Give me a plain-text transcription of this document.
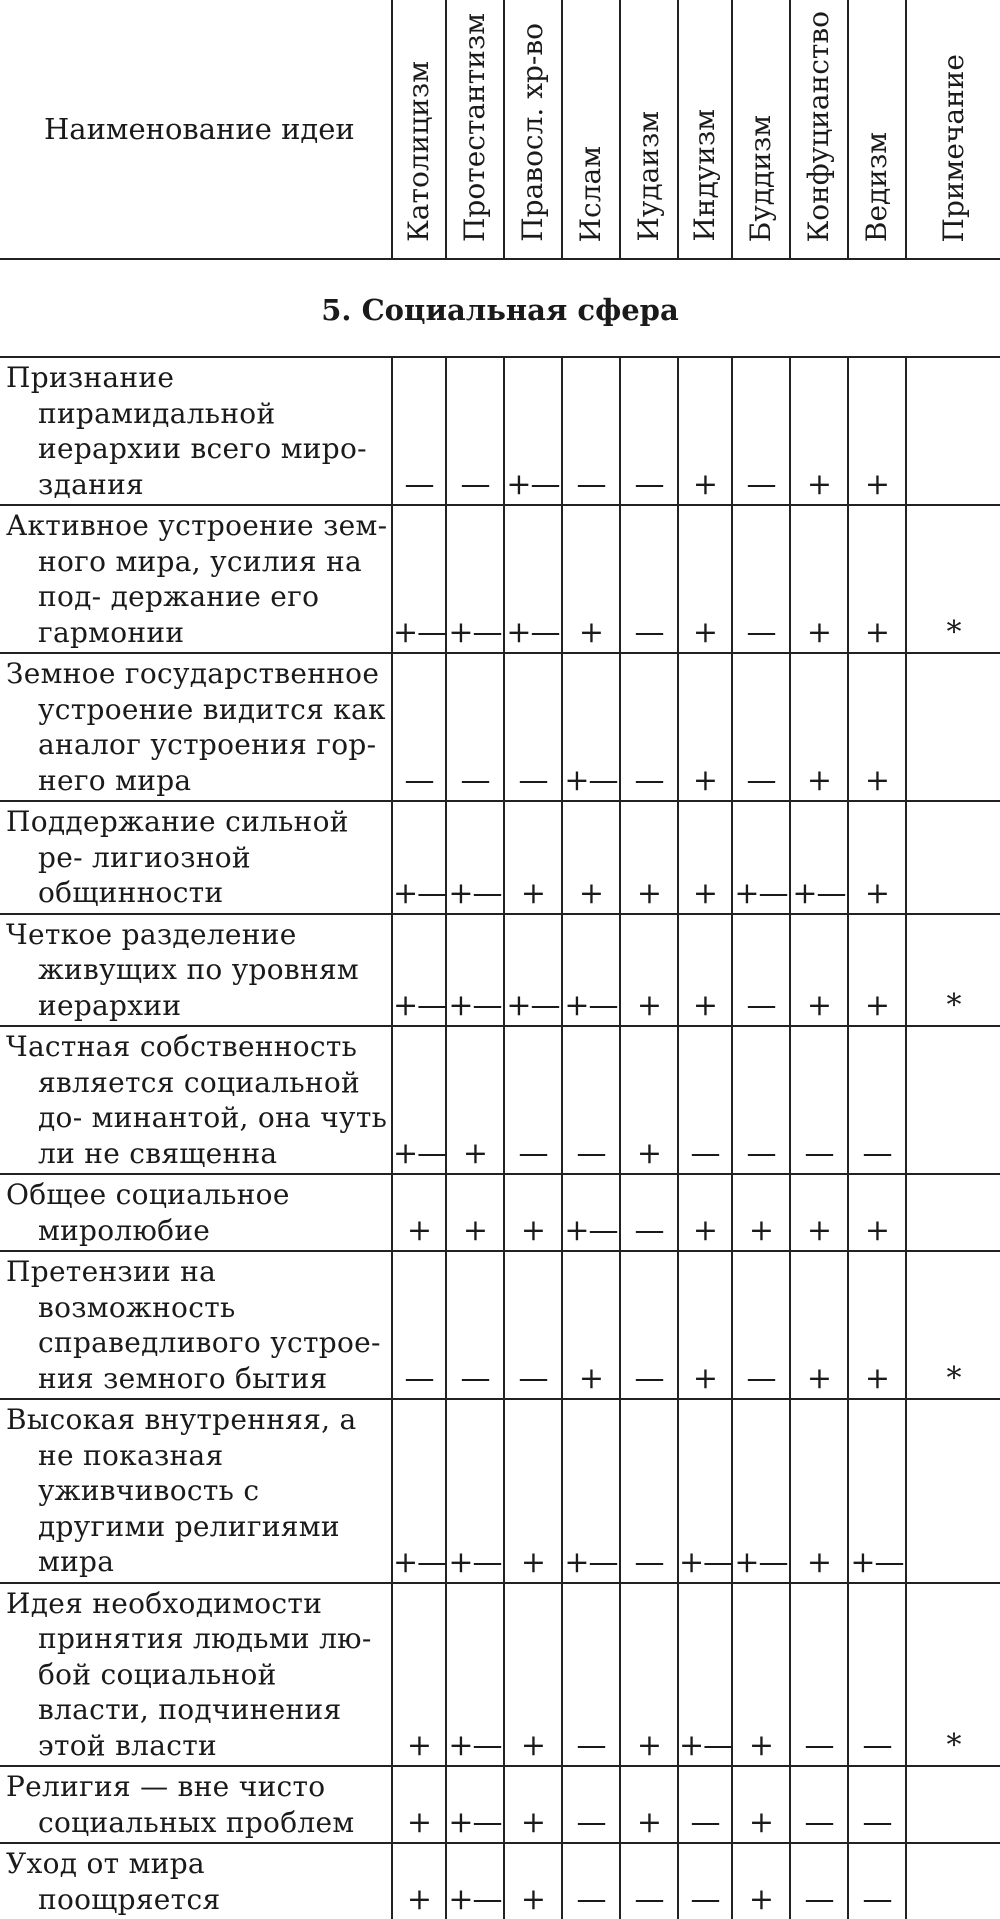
Наименование идеи	Католицизм	Протестантизм	Правосл. хр-во	Ислам	Иудаизм	Индуизм	Буддизм	Конфуцианство	Ведизм	Примечание
5. Социальная сфера										

Признание пирамидальной иерархии всего миро- здания	—	—	+—	—	—	+	—	+	+	

Активное устроение зем- ного мира, усилия на под- держание его гармонии	+—	+—	+—	+	—	+	—	+	+	*

Земное государственное устроение видится как аналог устроения гор- него мира	—	—	—	+—	—	+	—	+	+	

Поддержание сильной ре- лигиозной общинности	+—	+—	+	+	+	+	+—	+—	+	

Четкое разделение живущих по уровням иерархии	+—	+—	+—	+—	+	+	—	+	+	*

Частная собственность является социальной до- минантой, она чуть ли не священна	+—	+	—	—	+	—	—	—	—	

Общее социальное миролюбие	+	+	+	+—	—	+	+	+	+	

Претензии на возможность справедливого устрое- ния земного бытия	—	—	—	+	—	+	—	+	+	*

Высокая внутренняя, а не показная уживчивость с другими религиями мира	+—	+—	+	+—	—	+—	+—	+	+—	

Идея необходимости принятия людьми лю- бой социальной власти, подчинения этой власти	+	+—	+	—	+	+—	+	—	—	*

Религия — вне чисто социальных проблем	+	+—	+	—	+	—	+	—	—	

Уход от мира поощряется	+	+—	+	—	—	—	+	—	—	
